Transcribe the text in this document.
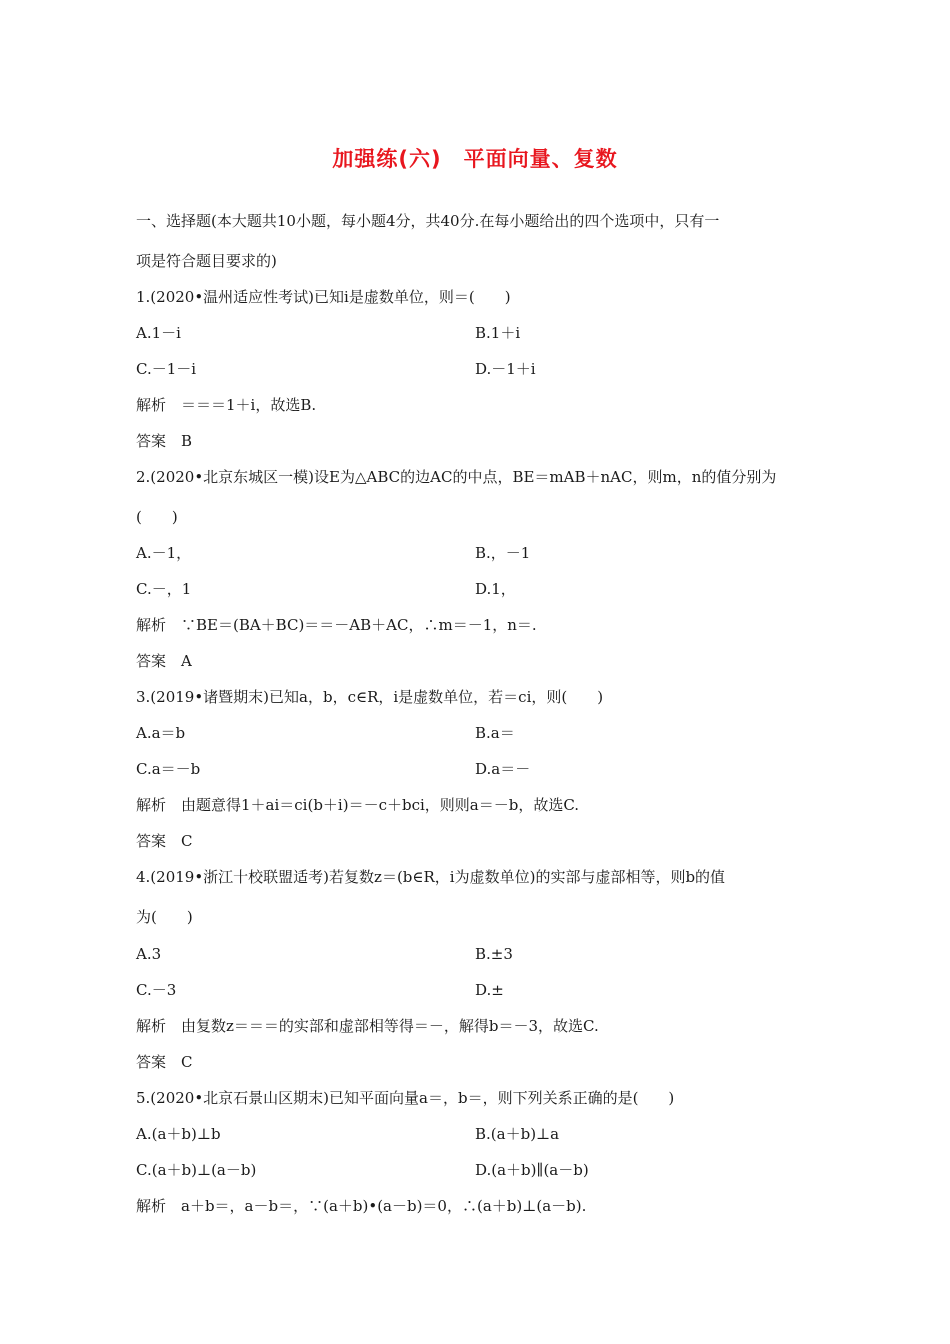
加强练(六)　平面向量、复数
一、选择题(本大题共10小题，每小题4分，共40分.在每小题给出的四个选项中，只有一
项是符合题目要求的)
1.(2020•温州适应性考试)已知i是虚数单位，则＝(　　)
A.1－i	B.1＋i
C.－1－i	D.－1＋i
解析　＝＝＝1＋i，故选B.
答案　B
2.(2020•北京东城区一模)设E为△ABC的边AC的中点，BE＝mAB＋nAC，则m，n的值分别为
(　　)
A.－1，	B.，－1
C.－，1	D.1，
解析　∵BE＝(BA＋BC)＝＝－AB＋AC，∴m＝－1，n＝.
答案　A
3.(2019•诸暨期末)已知a，b，c∈R，i是虚数单位，若＝ci，则(　　)
A.a＝b	B.a＝
C.a＝－b	D.a＝－
解析　由题意得1＋ai＝ci(b＋i)＝－c＋bci，则则a＝－b，故选C.
答案　C
4.(2019•浙江十校联盟适考)若复数z＝(b∈R，i为虚数单位)的实部与虚部相等，则b的值
为(　　)
A.3	B.±3
C.－3	D.±
解析　由复数z＝＝＝的实部和虚部相等得＝－，解得b＝－3，故选C.
答案　C
5.(2020•北京石景山区期末)已知平面向量a＝，b＝，则下列关系正确的是(　　)
A.(a＋b)⊥b	B.(a＋b)⊥a
C.(a＋b)⊥(a－b)	D.(a＋b)∥(a－b)
解析　a＋b＝，a－b＝，∵(a＋b)•(a－b)＝0，∴(a＋b)⊥(a－b).
